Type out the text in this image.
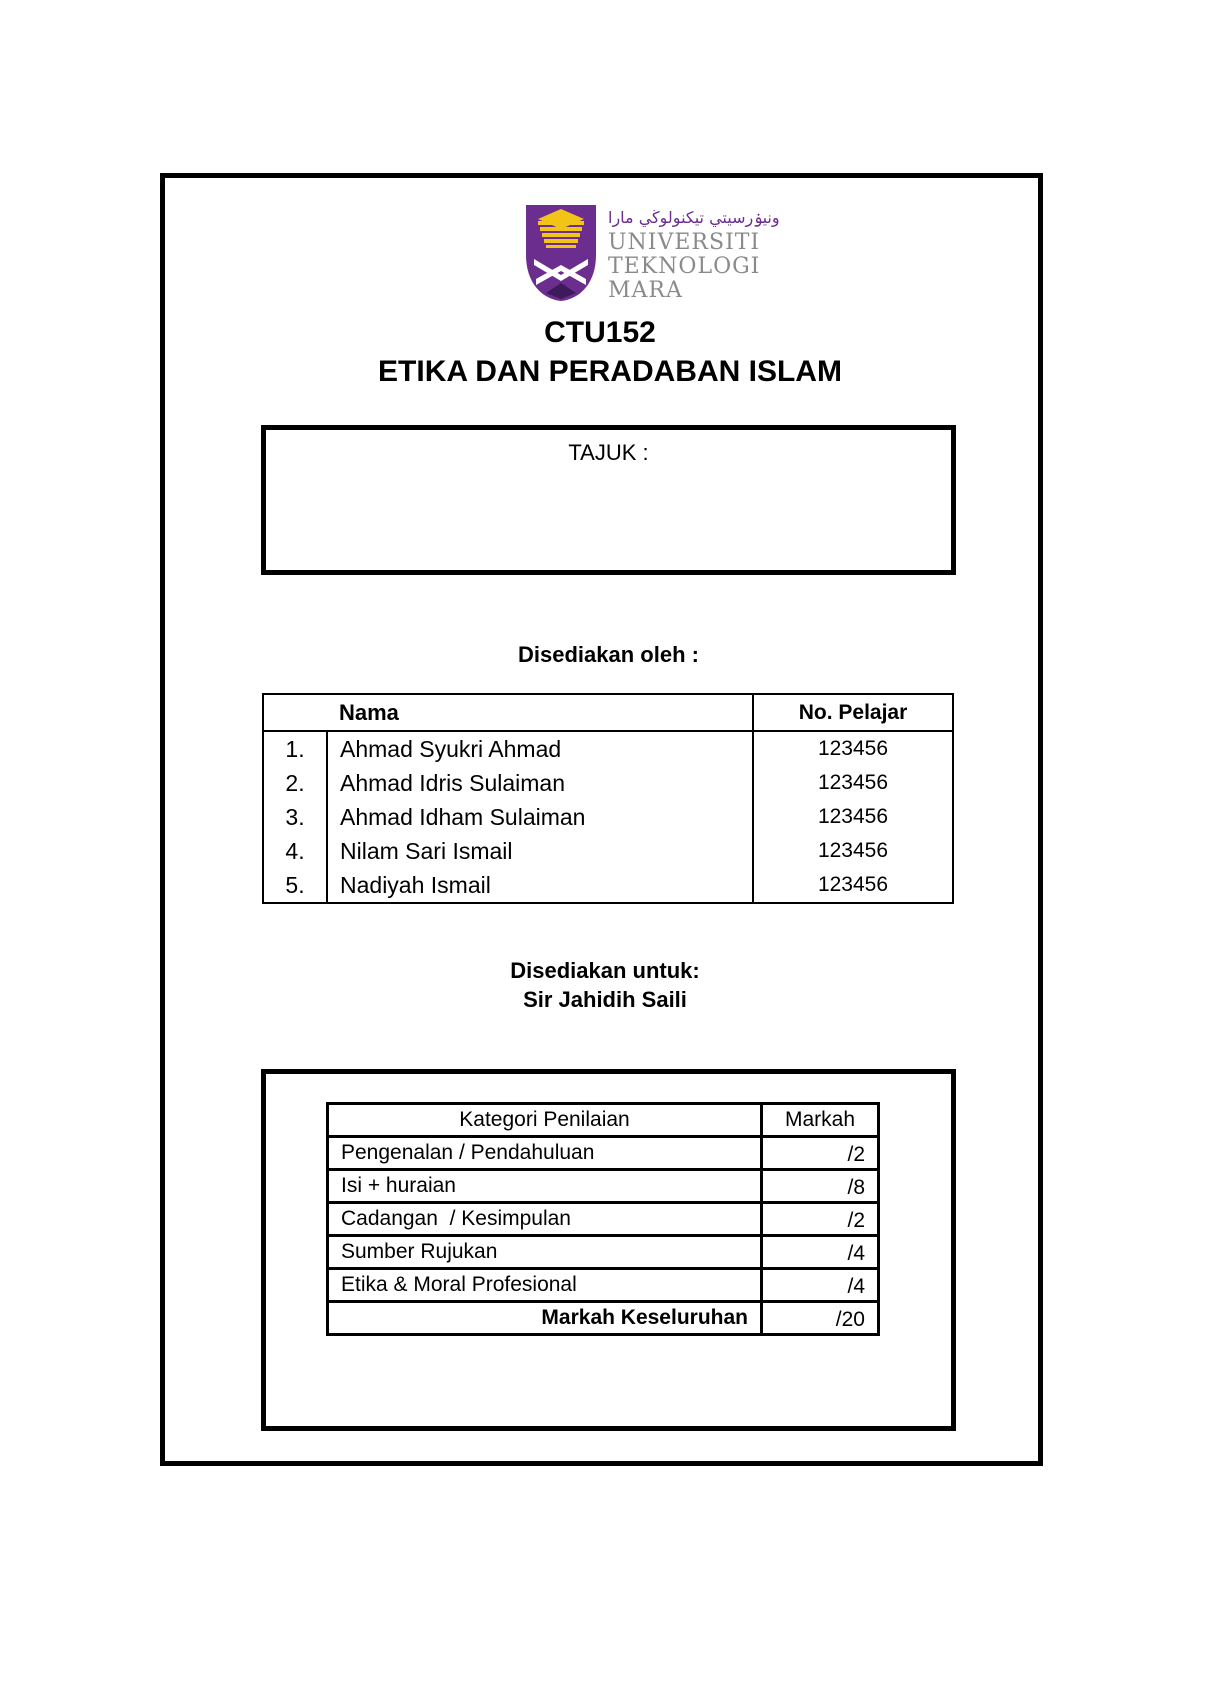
ونيۏرسيتي تيكنولوڬي مارا
UNIVERSITI
TEKNOLOGI
MARA
CTU152
ETIKA DAN PERADABAN ISLAM
TAJUK :
Disediakan oleh :
	Nama	No. Pelajar
1.	Ahmad Syukri Ahmad	123456
2.	Ahmad Idris Sulaiman	123456
3.	Ahmad Idham Sulaiman	123456
4.	Nilam Sari Ismail	123456
5.	Nadiyah Ismail	123456
Disediakan untuk:
Sir Jahidih Saili
Kategori Penilaian	Markah
Pengenalan / Pendahuluan	/2
Isi + huraian	/8
Cadangan  / Kesimpulan	/2
Sumber Rujukan	/4
Etika & Moral Profesional	/4
Markah Keseluruhan	/20
